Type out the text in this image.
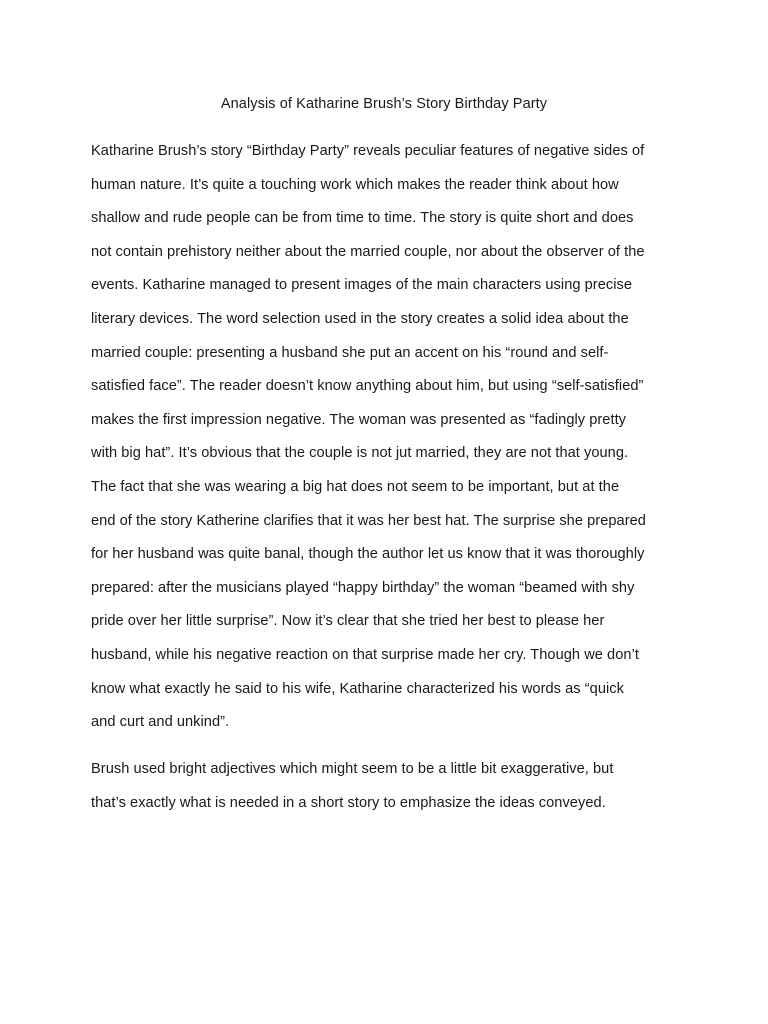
Analysis of Katharine Brush’s Story Birthday Party
Katharine Brush’s story “Birthday Party” reveals peculiar features of negative sides of
human nature. It’s quite a touching work which makes the reader think about how
shallow and rude people can be from time to time. The story is quite short and does
not contain prehistory neither about the married couple, nor about the observer of the
events. Katharine managed to present images of the main characters using precise
literary devices. The word selection used in the story creates a solid idea about the
married couple: presenting a husband she put an accent on his “round and self-
satisfied face”. The reader doesn’t know anything about him, but using “self-satisfied”
makes the first impression negative. The woman was presented as “fadingly pretty
with big hat”. It’s obvious that the couple is not jut married, they are not that young.
The fact that she was wearing a big hat does not seem to be important, but at the
end of the story Katherine clarifies that it was her best hat. The surprise she prepared
for her husband was quite banal, though the author let us know that it was thoroughly
prepared: after the musicians played “happy birthday” the woman “beamed with shy
pride over her little surprise”. Now it’s clear that she tried her best to please her
husband, while his negative reaction on that surprise made her cry. Though we don’t
know what exactly he said to his wife, Katharine characterized his words as “quick
and curt and unkind”.
Brush used bright adjectives which might seem to be a little bit exaggerative, but
that’s exactly what is needed in a short story to emphasize the ideas conveyed.
